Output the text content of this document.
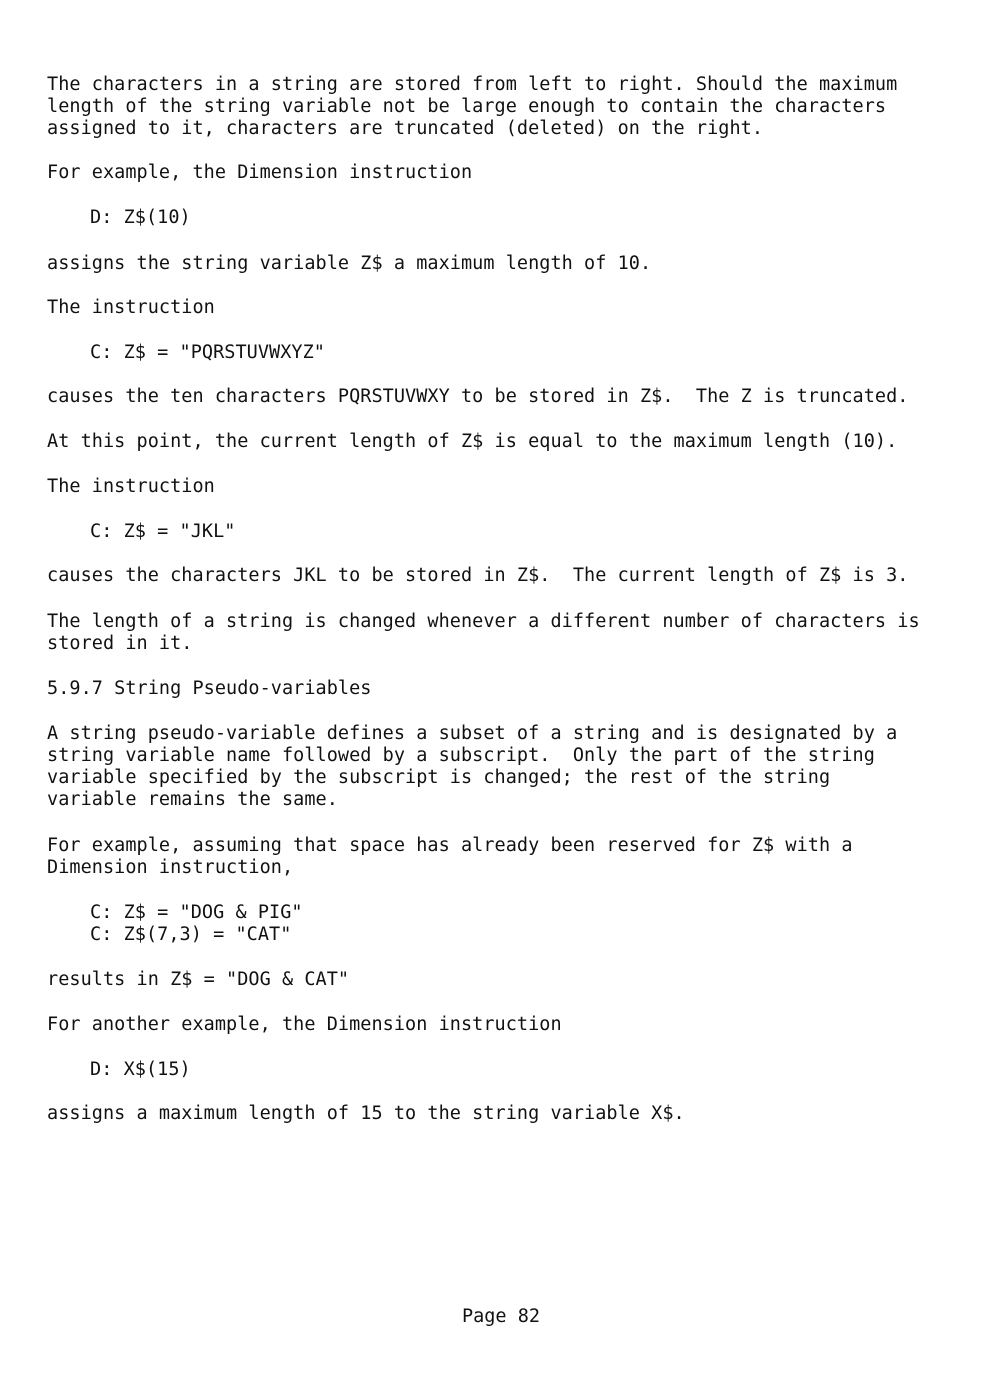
The characters in a string are stored from left to right. Should the maximum
length of the string variable not be large enough to contain the characters
assigned to it, characters are truncated (deleted) on the right.
For example, the Dimension instruction
D: Z$(10)
assigns the string variable Z$ a maximum length of 10.
The instruction
C: Z$ = "PQRSTUVWXYZ"
causes the ten characters PQRSTUVWXY to be stored in Z$.  The Z is truncated.
At this point, the current length of Z$ is equal to the maximum length (10).
The instruction
C: Z$ = "JKL"
causes the characters JKL to be stored in Z$.  The current length of Z$ is 3.
The length of a string is changed whenever a different number of characters is
stored in it.
5.9.7 String Pseudo-variables
A string pseudo-variable defines a subset of a string and is designated by a
string variable name followed by a subscript.  Only the part of the string
variable specified by the subscript is changed; the rest of the string
variable remains the same.
For example, assuming that space has already been reserved for Z$ with a
Dimension instruction,
C: Z$ = "DOG & PIG"
C: Z$(7,3) = "CAT"
results in Z$ = "DOG & CAT"
For another example, the Dimension instruction
D: X$(15)
assigns a maximum length of 15 to the string variable X$.
Page 82
